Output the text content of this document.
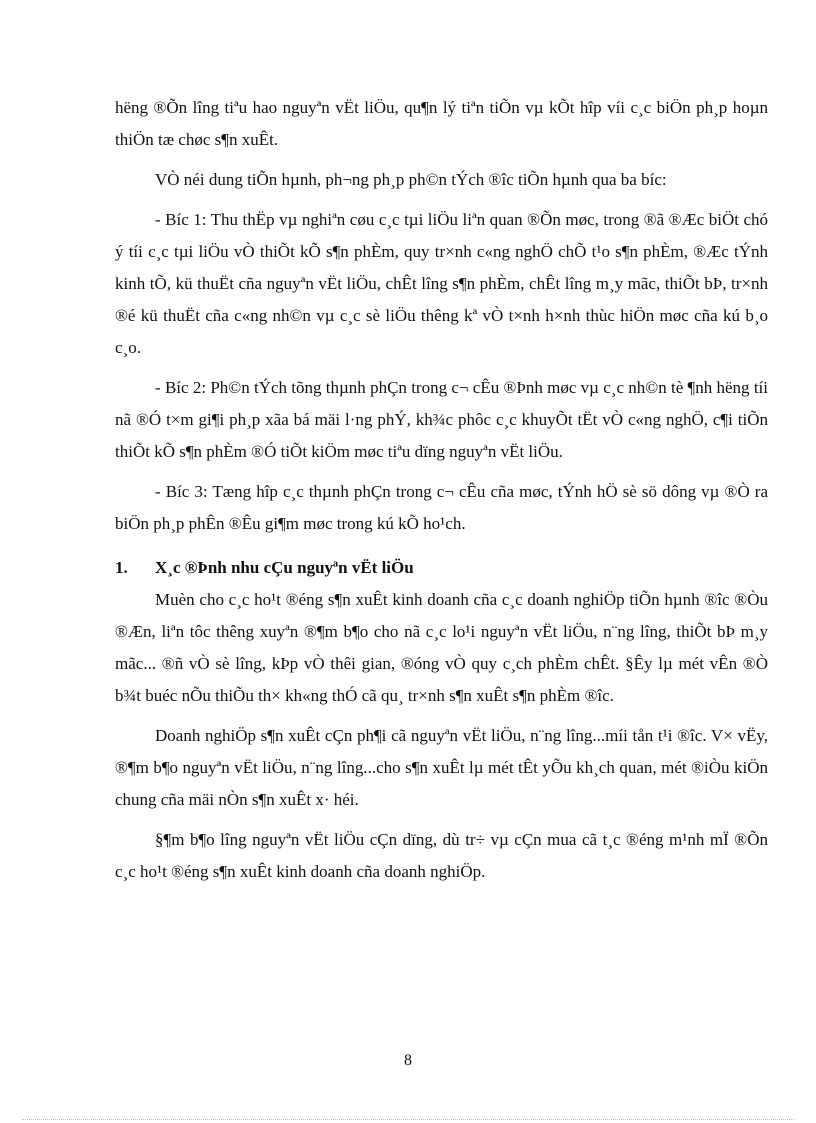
hëng ®Õn lîng tiªu hao nguyªn vËt liÖu, qu¶n lý tiªn tiÕn vµ kÕt hîp víi c¸c biÖn ph¸p hoµn thiÖn tæ chøc s¶n xuÊt.

VÒ néi dung tiÕn hµnh, ph¬ng ph¸p ph©n tÝch ®îc tiÕn hµnh qua ba bíc:

- Bíc 1: Thu thËp vµ nghiªn cøu c¸c tµi liÖu liªn quan ®Õn møc, trong ®ã ®Æc biÖt chó ý tíi c¸c tµi liÖu vÒ thiÕt kÕ s¶n phÈm, quy tr×nh c«ng nghÖ chÕ t¹o s¶n phÈm, ®Æc tÝnh kinh tÕ, kü thuËt cña nguyªn vËt liÖu, chÊt lîng s¶n phÈm, chÊt lîng m¸y mãc, thiÕt bÞ, tr×nh ®é kü thuËt cña c«ng nh©n vµ c¸c sè liÖu thêng kª vÒ t×nh h×nh thùc hiÖn møc cña kú b¸o c¸o.

- Bíc 2: Ph©n tÝch tõng thµnh phÇn trong c¬ cÊu ®Þnh møc vµ c¸c nh©n tè ¶nh hëng tíi nã ®Ó t×m gi¶i ph¸p xãa bá mäi l·ng phÝ, kh¾c phôc c¸c khuyÕt tËt vÒ c«ng nghÖ, c¶i tiÕn thiÕt kÕ s¶n phÈm ®Ó tiÕt kiÖm møc tiªu dïng nguyªn vËt liÖu.

- Bíc 3: Tæng hîp c¸c thµnh phÇn trong c¬ cÊu cña møc, tÝnh hÖ sè sö dông vµ ®Ò ra biÖn ph¸p phÊn ®Êu gi¶m møc trong kú kÕ ho¹ch.

1.	X¸c ®Þnh nhu cÇu nguyªn vËt liÖu

Muèn cho c¸c ho¹t ®éng s¶n xuÊt kinh doanh cña c¸c doanh nghiÖp tiÕn hµnh ®îc ®Òu ®Æn, liªn tôc thêng xuyªn ®¶m b¶o cho nã c¸c lo¹i nguyªn vËt liÖu, n¨ng lîng, thiÕt bÞ m¸y mãc... ®ñ vÒ sè lîng, kÞp vÒ thêi gian, ®óng vÒ quy c¸ch phÈm chÊt. §Êy lµ mét vÊn ®Ò b¾t buéc nÕu thiÕu th× kh«ng thÓ cã qu¸ tr×nh s¶n xuÊt s¶n phÈm ®îc.

Doanh nghiÖp s¶n xuÊt cÇn ph¶i cã nguyªn vËt liÖu, n¨ng lîng...míi tån t¹i ®îc. V× vËy, ®¶m b¶o nguyªn vËt liÖu, n¨ng lîng...cho s¶n xuÊt lµ mét tÊt yÕu kh¸ch quan, mét ®iÒu kiÖn chung cña mäi nÒn s¶n xuÊt x· héi.

§¶m b¶o lîng nguyªn vËt liÖu cÇn dïng, dù tr÷ vµ cÇn mua cã t¸c ®éng m¹nh mÏ ®Õn c¸c ho¹t ®éng s¶n xuÊt kinh doanh cña doanh nghiÖp.

8
